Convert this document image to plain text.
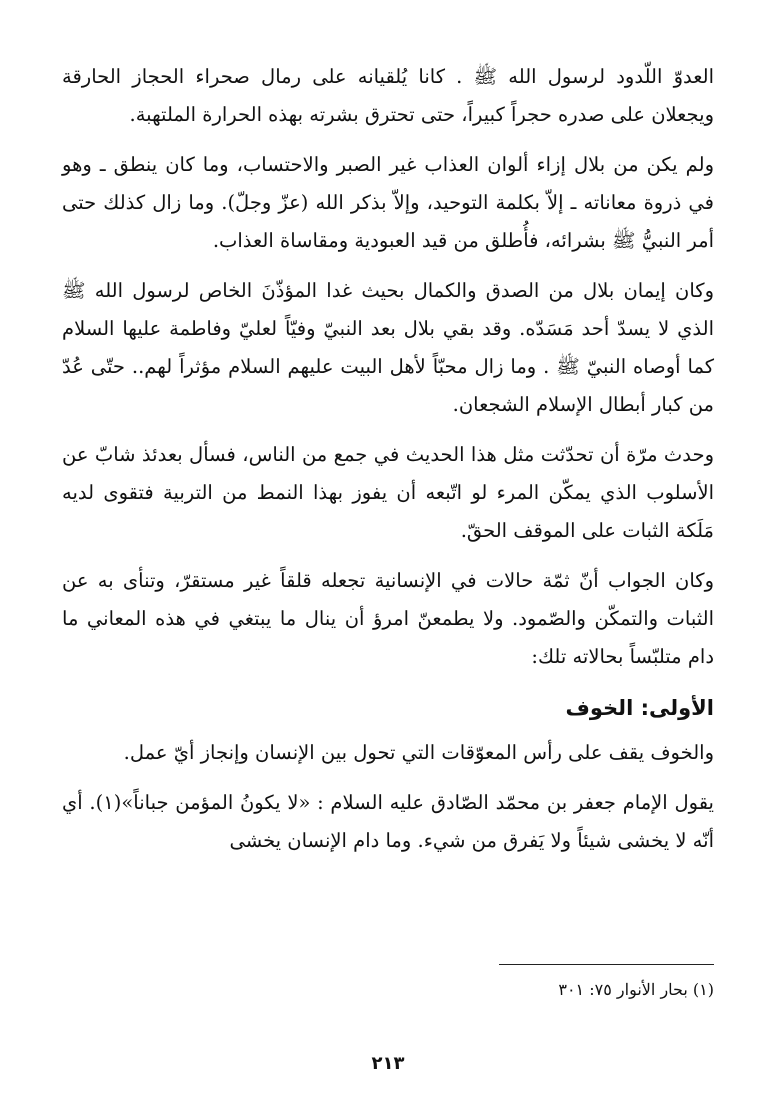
العدوّ اللّدود لرسول الله ﷺ . كانا يُلقيانه على رمال صحراء الحجاز الحارقة ويجعلان على صدره حجراً كبيراً، حتى تحترق بشرته بهذه الحرارة الملتهبة.

ولم يكن من بلال إزاء ألوان العذاب غير الصبر والاحتساب، وما كان ينطق ـ وهو في ذروة معاناته ـ إلاّ بكلمة التوحيد، وإلاّ بذكر الله (عزّ وجلّ). وما زال كذلك حتى أمر النبيُّ ﷺ بشرائه، فأُطلق من قيد العبودية ومقاساة العذاب.

وكان إيمان بلال من الصدق والكمال بحيث غدا المؤذّنَ الخاص لرسول الله ﷺ الذي لا يسدّ أحد مَسَدّه. وقد بقي بلال بعد النبيّ وفيّاً لعليّ وفاطمة عليها السلام كما أوصاه النبيّ ﷺ . وما زال محبّاً لأهل البيت عليهم السلام مؤثراً لهم.. حتّى عُدّ من كبار أبطال الإسلام الشجعان.

وحدث مرّة أن تحدّثت مثل هذا الحديث في جمع من الناس، فسأل بعدئذ شابّ عن الأسلوب الذي يمكّن المرء لو اتّبعه أن يفوز بهذا النمط من التربية فتقوى لديه مَلَكة الثبات على الموقف الحقّ.

وكان الجواب أنّ ثمّة حالات في الإنسانية تجعله قلقاً غير مستقرّ، وتنأى به عن الثبات والتمكّن والصّمود. ولا يطمعنّ امرؤ أن ينال ما يبتغي في هذه المعاني ما دام متلبّساً بحالاته تلك:

الأولى: الخوف

والخوف يقف على رأس المعوّقات التي تحول بين الإنسان وإنجاز أيّ عمل.

يقول الإمام جعفر بن محمّد الصّادق عليه السلام : «لا يكونُ المؤمن جباناً»(١). أي أنّه لا يخشى شيئاً ولا يَفرق من شيء. وما دام الإنسان يخشى

(١) بحار الأنوار ٧٥: ٣٠١
٢١٣
